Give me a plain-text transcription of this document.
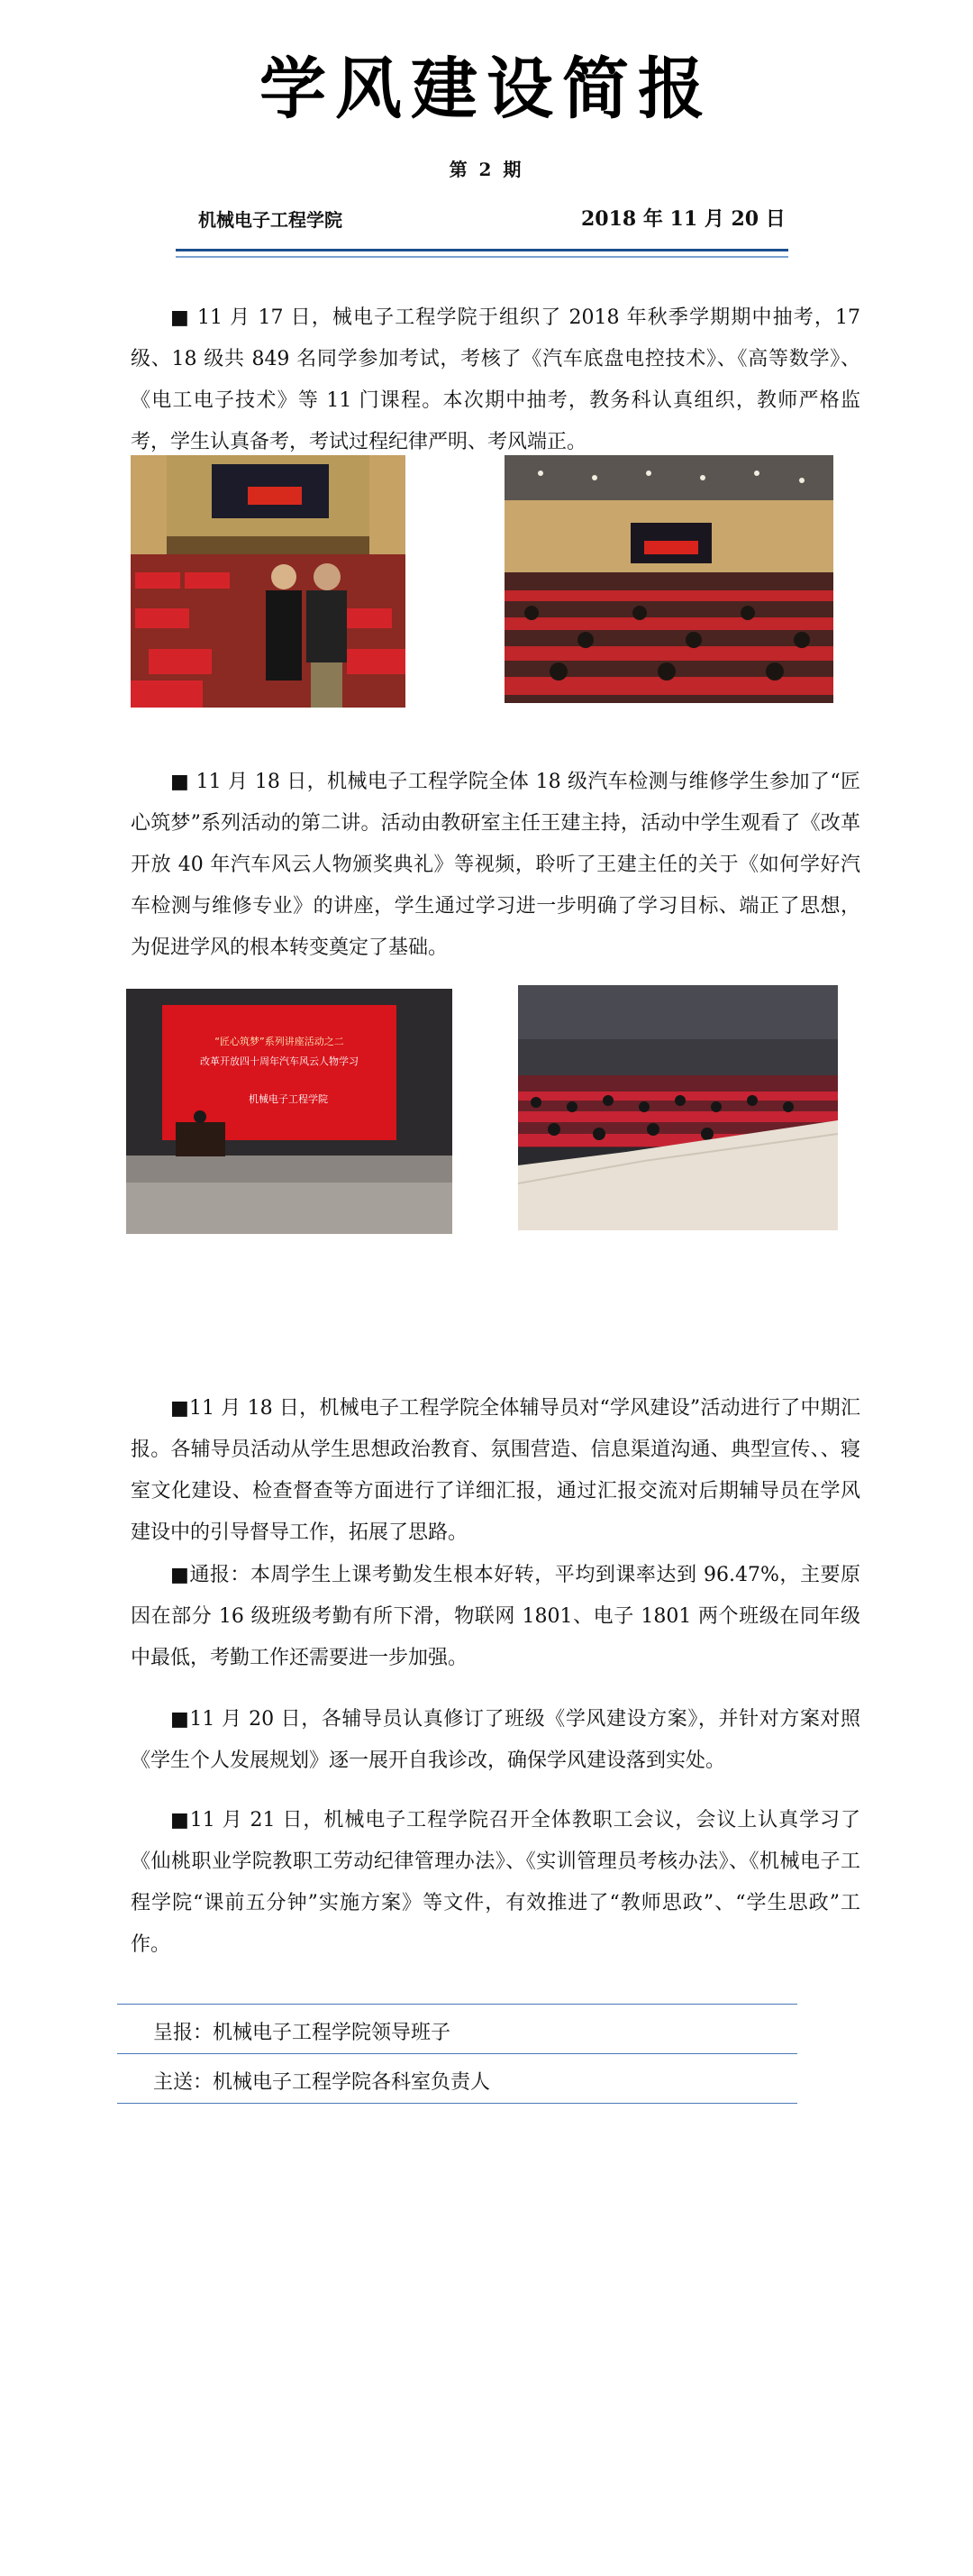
学风建设简报
第 2 期
机械电子工程学院	2018 年 11 月 20 日
■ 11 月 17 日，械电子工程学院于组织了 2018 年秋季学期期中抽考，17 级、18 级共 849 名同学参加考试，考核了《汽车底盘电控技术》、《高等数学》、《电工电子技术》等 11 门课程。本次期中抽考，教务科认真组织，教师严格监考，学生认真备考，考试过程纪律严明、考风端正。
■ 11 月 18 日，机械电子工程学院全体 18 级汽车检测与维修学生参加了“匠心筑梦”系列活动的第二讲。活动由教研室主任王建主持，活动中学生观看了《改革开放 40 年汽车风云人物颁奖典礼》等视频，聆听了王建主任的关于《如何学好汽车检测与维修专业》的讲座，学生通过学习进一步明确了学习目标、端正了思想，为促进学风的根本转变奠定了基础。
“匠心筑梦”系列讲座活动之二
改革开放四十周年汽车风云人物学习
机械电子工程学院
■11 月 18 日，机械电子工程学院全体辅导员对“学风建设”活动进行了中期汇报。各辅导员活动从学生思想政治教育、氛围营造、信息渠道沟通、典型宣传、、寝室文化建设、检查督查等方面进行了详细汇报，通过汇报交流对后期辅导员在学风建设中的引导督导工作，拓展了思路。
■通报：本周学生上课考勤发生根本好转，平均到课率达到 96.47%，主要原因在部分 16 级班级考勤有所下滑，物联网 1801、电子 1801 两个班级在同年级中最低，考勤工作还需要进一步加强。
■11 月 20 日，各辅导员认真修订了班级《学风建设方案》，并针对方案对照《学生个人发展规划》逐一展开自我诊改，确保学风建设落到实处。
■11 月 21 日，机械电子工程学院召开全体教职工会议，会议上认真学习了《仙桃职业学院教职工劳动纪律管理办法》、《实训管理员考核办法》、《机械电子工程学院“课前五分钟”实施方案》等文件，有效推进了“教师思政”、“学生思政”工作。
呈报：机械电子工程学院领导班子
主送：机械电子工程学院各科室负责人
